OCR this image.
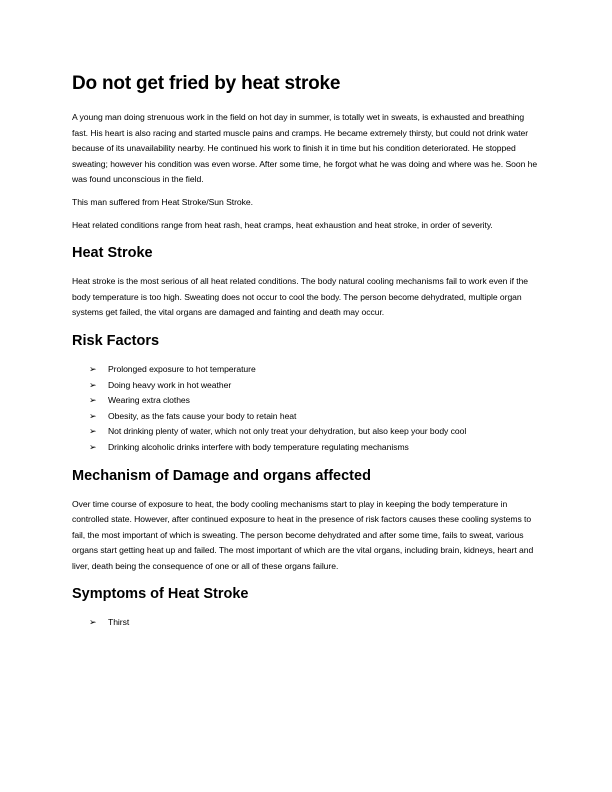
Do not get fried by heat stroke

A young man doing strenuous work in the field on hot day in summer, is totally wet in sweats, is exhausted and breathing fast. His heart is also racing and started muscle pains and cramps. He became extremely thirsty, but could not drink water because of its unavailability nearby. He continued his work to finish it in time but his condition deteriorated. He stopped sweating; however his condition was even worse. After some time, he forgot what he was doing and where was he. Soon he was found unconscious in the field.

This man suffered from Heat Stroke/Sun Stroke.

Heat related conditions range from heat rash, heat cramps, heat exhaustion and heat stroke, in order of severity.

Heat Stroke

Heat stroke is the most serious of all heat related conditions. The body natural cooling mechanisms fail to work even if the body temperature is too high. Sweating does not occur to cool the body. The person become dehydrated, multiple organ systems get failed, the vital organs are damaged and fainting and death may occur.

Risk Factors
➢ Prolonged exposure to hot temperature
➢ Doing heavy work in hot weather
➢ Wearing extra clothes
➢ Obesity, as the fats cause your body to retain heat
➢ Not drinking plenty of water, which not only treat your dehydration, but also keep your body cool
➢ Drinking alcoholic drinks interfere with body temperature regulating mechanisms
Mechanism of Damage and organs affected

Over time course of exposure to heat, the body cooling mechanisms start to play in keeping the body temperature in controlled state. However, after continued exposure to heat in the presence of risk factors causes these cooling systems to fail, the most important of which is sweating. The person become dehydrated and after some time, fails to sweat, various organs start getting heat up and failed. The most important of which are the vital organs, including brain, kidneys, heart and liver, death being the consequence of one or all of these organs failure.

Symptoms of Heat Stroke
➢ Thirst
